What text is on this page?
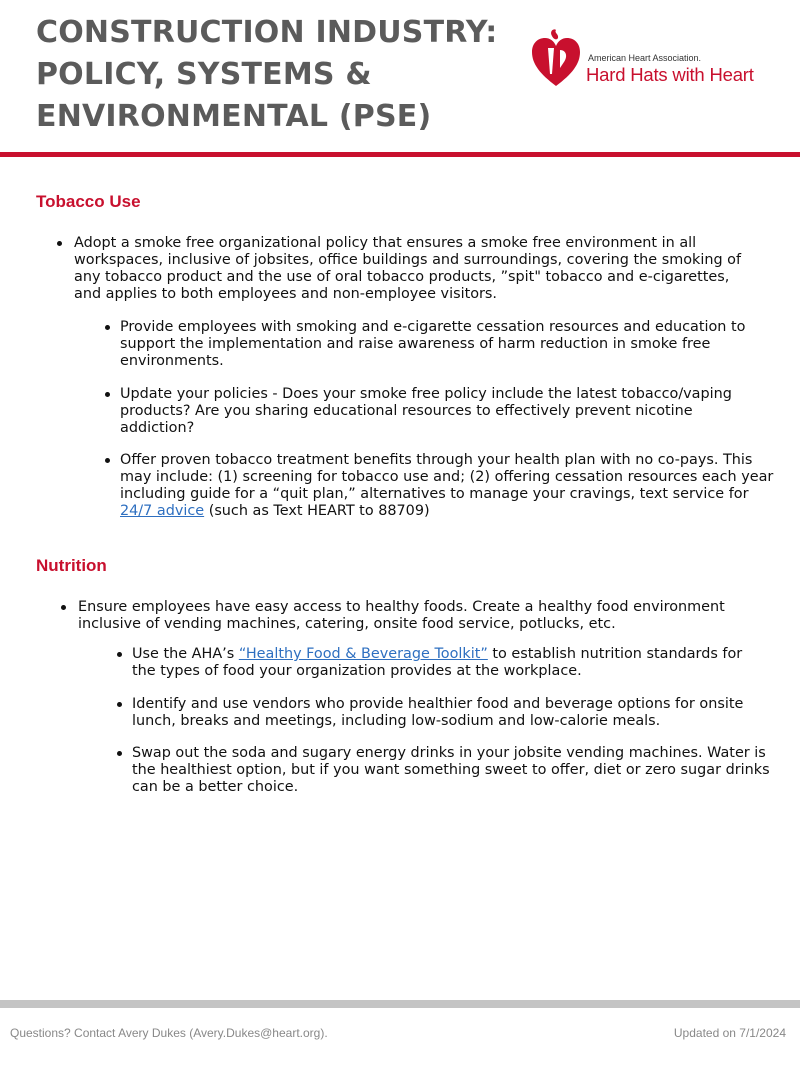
CONSTRUCTION INDUSTRY:
POLICY, SYSTEMS &
ENVIRONMENTAL (PSE)
American Heart Association.
Hard Hats with Heart
Tobacco Use
Adopt a smoke free organizational policy that ensures a smoke free environment in all workspaces, inclusive of jobsites, office buildings and surroundings, covering the smoking of any tobacco product and the use of oral tobacco products, ”spit" tobacco and e-cigarettes, and applies to both employees and non-employee visitors.
Provide employees with smoking and e-cigarette cessation resources and education to support the implementation and raise awareness of harm reduction in smoke free environments.
Update your policies - Does your smoke free policy include the latest tobacco/vaping products? Are you sharing educational resources to effectively prevent nicotine addiction?
Offer proven tobacco treatment benefits through your health plan with no co-pays. This may include: (1) screening for tobacco use and; (2) offering cessation resources each year including guide for a “quit plan,” alternatives to manage your cravings, text service for 24/7 advice (such as Text HEART to 88709)
Nutrition
Ensure employees have easy access to healthy foods. Create a healthy food environment inclusive of vending machines, catering, onsite food service, potlucks, etc.
Use the AHA’s “Healthy Food & Beverage Toolkit” to establish nutrition standards for the types of food your organization provides at the workplace.
Identify and use vendors who provide healthier food and beverage options for onsite lunch, breaks and meetings, including low-sodium and low-calorie meals.
Swap out the soda and sugary energy drinks in your jobsite vending machines. Water is the healthiest option, but if you want something sweet to offer, diet or zero sugar drinks can be a better choice.
Questions? Contact Avery Dukes (Avery.Dukes@heart.org).	Updated on 7/1/2024
